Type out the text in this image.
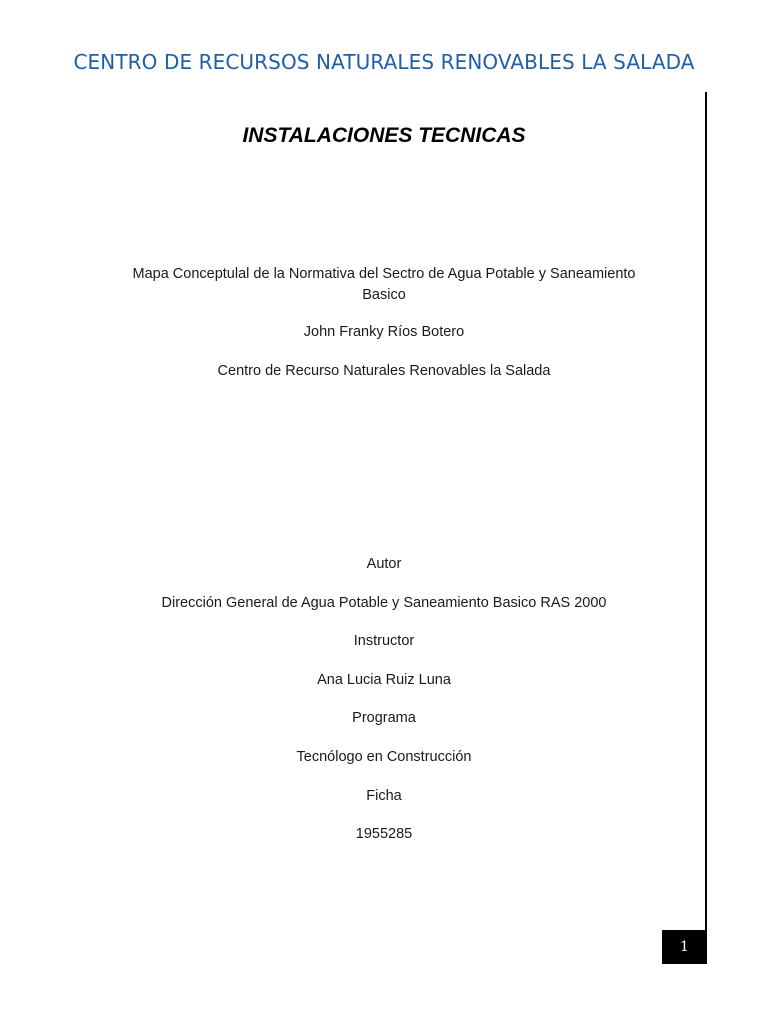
CENTRO DE RECURSOS NATURALES RENOVABLES LA SALADA
INSTALACIONES TECNICAS
Mapa Conceptulal de la Normativa del Sectro de Agua Potable y Saneamiento Basico
John Franky Ríos Botero
Centro de Recurso Naturales Renovables la Salada
Autor
Dirección General de Agua Potable y Saneamiento Basico RAS 2000
Instructor
Ana Lucia Ruiz Luna
Programa
Tecnólogo en Construcción
Ficha
1955285
1
